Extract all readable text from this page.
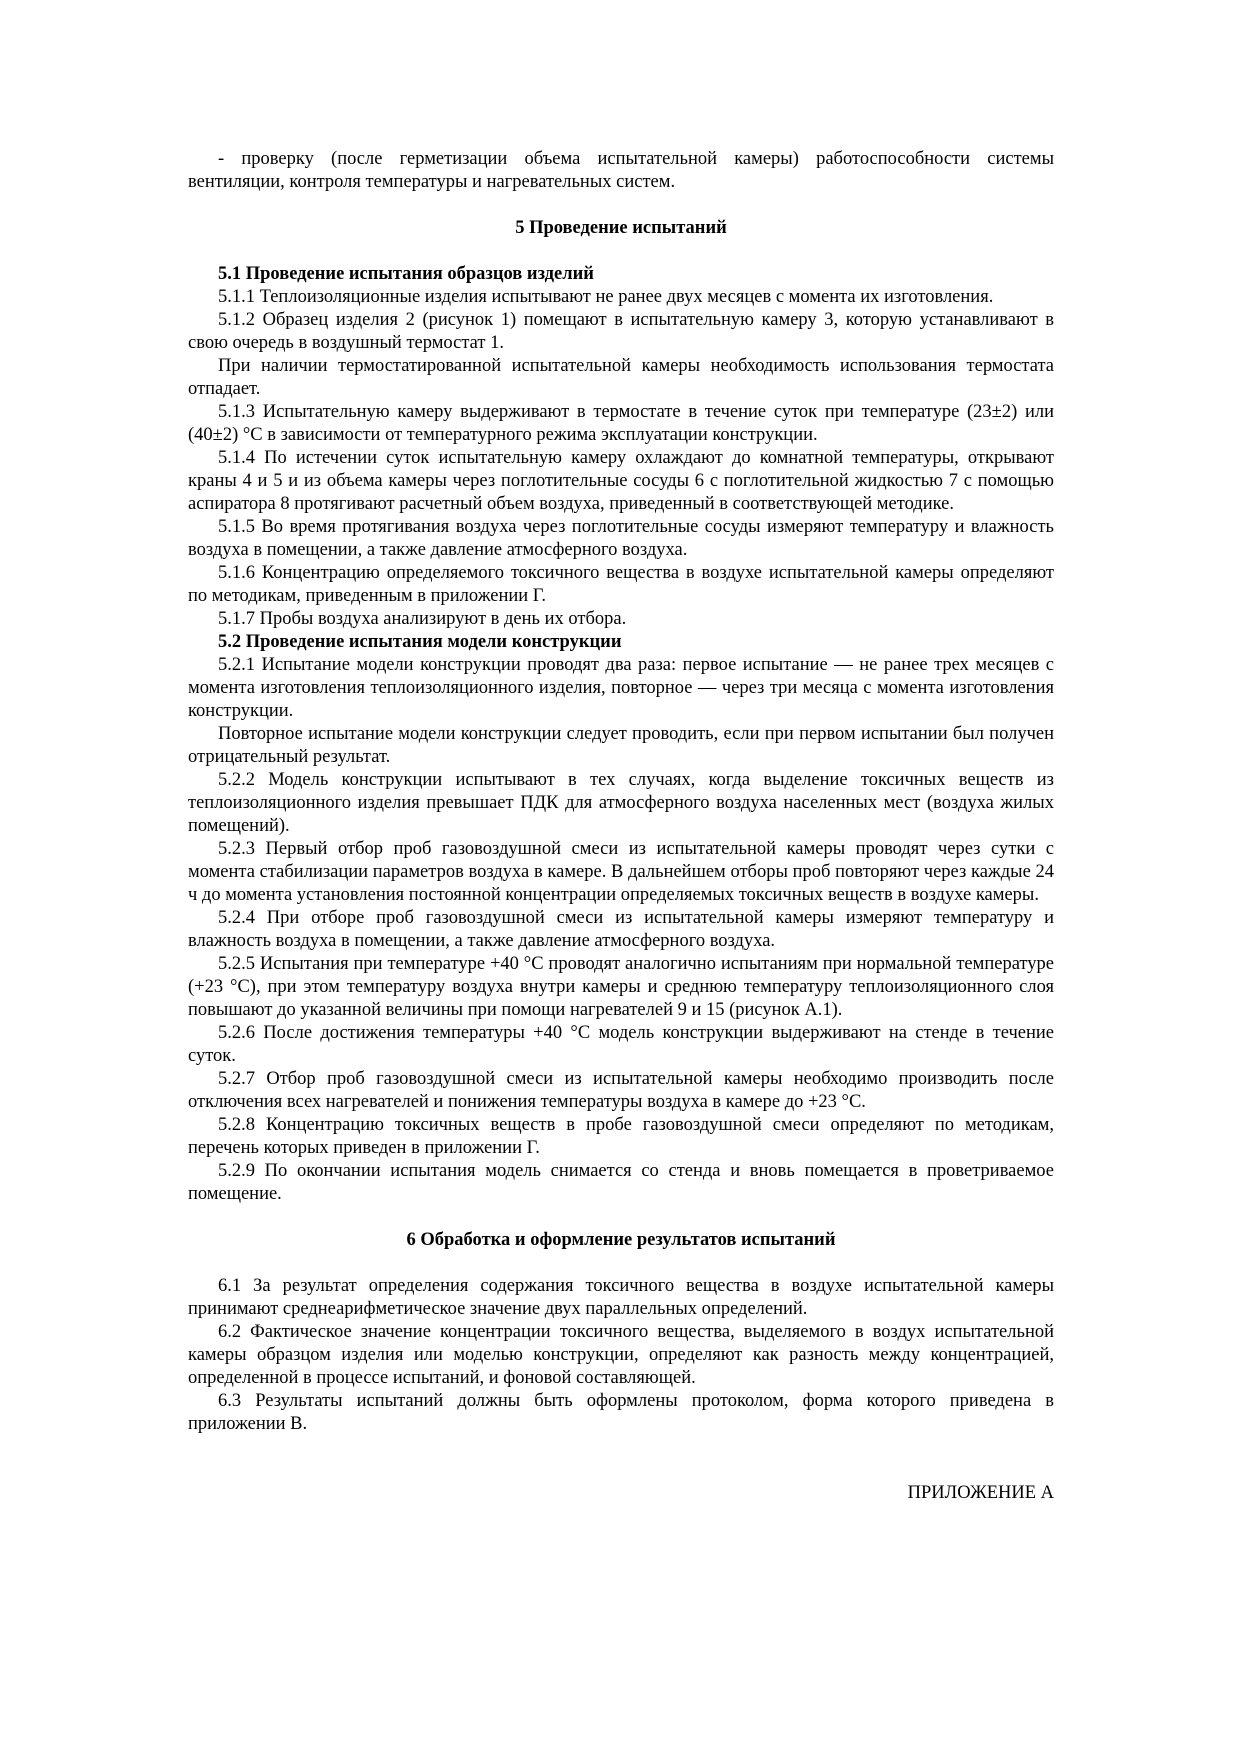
- проверку (после герметизации объема испытательной камеры) работоспособности системы вентиляции, контроля температуры и нагревательных систем.

5 Проведение испытаний

5.1 Проведение испытания образцов изделий

5.1.1 Теплоизоляционные изделия испытывают не ранее двух месяцев с момента их изготовления.

5.1.2 Образец изделия 2 (рисунок 1) помещают в испытательную камеру 3, которую устанавливают в свою очередь в воздушный термостат 1.

При наличии термостатированной испытательной камеры необходимость использования термостата отпадает.

5.1.3 Испытательную камеру выдерживают в термостате в течение суток при температуре (23±2) или (40±2) °С в зависимости от температурного режима эксплуатации конструкции.

5.1.4 По истечении суток испытательную камеру охлаждают до комнатной температуры, открывают краны 4 и 5 и из объема камеры через поглотительные сосуды 6 с поглотительной жидкостью 7 с помощью аспиратора 8 протягивают расчетный объем воздуха, приведенный в соответствующей методике.

5.1.5 Во время протягивания воздуха через поглотительные сосуды измеряют температуру и влажность воздуха в помещении, а также давление атмосферного воздуха.

5.1.6 Концентрацию определяемого токсичного вещества в воздухе испытательной камеры определяют по методикам, приведенным в приложении Г.

5.1.7 Пробы воздуха анализируют в день их отбора.

5.2 Проведение испытания модели конструкции

5.2.1 Испытание модели конструкции проводят два раза: первое испытание — не ранее трех месяцев с момента изготовления теплоизоляционного изделия, повторное — через три месяца с момента изготовления конструкции.

Повторное испытание модели конструкции следует проводить, если при первом испытании был получен отрицательный результат.

5.2.2 Модель конструкции испытывают в тех случаях, когда выделение токсичных веществ из теплоизоляционного изделия превышает ПДК для атмосферного воздуха населенных мест (воздуха жилых помещений).

5.2.3 Первый отбор проб газовоздушной смеси из испытательной камеры проводят через сутки с момента стабилизации параметров воздуха в камере. В дальнейшем отборы проб повторяют через каждые 24 ч до момента установления постоянной концентрации определяемых токсичных веществ в воздухе камеры.

5.2.4 При отборе проб газовоздушной смеси из испытательной камеры измеряют температуру и влажность воздуха в помещении, а также давление атмосферного воздуха.

5.2.5 Испытания при температуре +40 °С проводят аналогично испытаниям при нормальной температуре (+23 °С), при этом температуру воздуха внутри камеры и среднюю температуру теплоизоляционного слоя повышают до указанной величины при помощи нагревателей 9 и 15 (рисунок А.1).

5.2.6 После достижения температуры +40 °С модель конструкции выдерживают на стенде в течение суток.

5.2.7 Отбор проб газовоздушной смеси из испытательной камеры необходимо производить после отключения всех нагревателей и понижения температуры воздуха в камере до +23 °С.

5.2.8 Концентрацию токсичных веществ в пробе газовоздушной смеси определяют по методикам, перечень которых приведен в приложении Г.

5.2.9 По окончании испытания модель снимается со стенда и вновь помещается в проветриваемое помещение.

6 Обработка и оформление результатов испытаний

6.1 За результат определения содержания токсичного вещества в воздухе испытательной камеры принимают среднеарифметическое значение двух параллельных определений.

6.2 Фактическое значение концентрации токсичного вещества, выделяемого в воздух испытательной камеры образцом изделия или моделью конструкции, определяют как разность между концентрацией, определенной в процессе испытаний, и фоновой составляющей.

6.3 Результаты испытаний должны быть оформлены протоколом, форма которого приведена в приложении В.

ПРИЛОЖЕНИЕ А
